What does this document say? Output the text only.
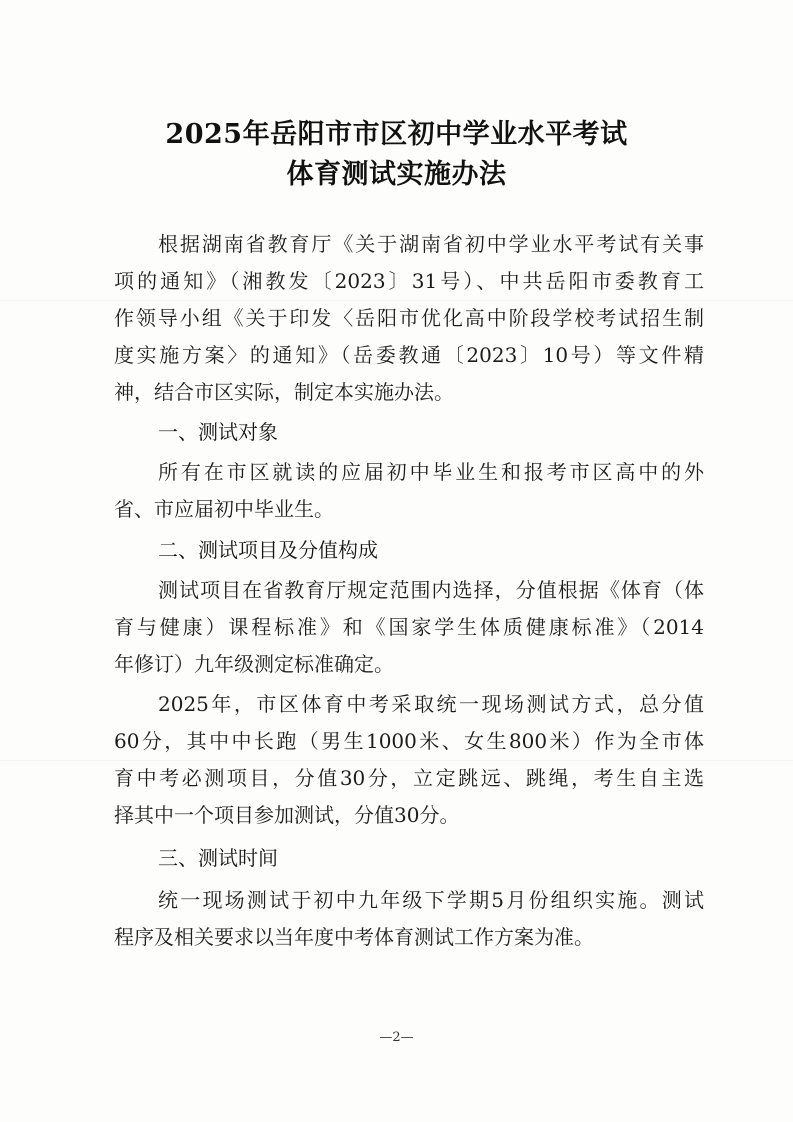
2025年岳阳市市区初中学业水平考试
体育测试实施办法
根据湖南省教育厅《关于湖南省初中学业水平考试有关事
项的通知》（湘教发〔2023〕31号）、中共岳阳市委教育工
作领导小组《关于印发〈岳阳市优化高中阶段学校考试招生制
度实施方案〉的通知》（岳委教通〔2023〕10号）等文件精
神，结合市区实际，制定本实施办法。
一、测试对象
所有在市区就读的应届初中毕业生和报考市区高中的外
省、市应届初中毕业生。
二、测试项目及分值构成
测试项目在省教育厅规定范围内选择，分值根据《体育（体
育与健康）课程标准》和《国家学生体质健康标准》（2014
年修订）九年级测定标准确定。
2025年，市区体育中考采取统一现场测试方式，总分值
60分，其中中长跑（男生1000米、女生800米）作为全市体
育中考必测项目，分值30分，立定跳远、跳绳，考生自主选
择其中一个项目参加测试，分值30分。
三、测试时间
统一现场测试于初中九年级下学期5月份组织实施。测试
程序及相关要求以当年度中考体育测试工作方案为准。
—2—
